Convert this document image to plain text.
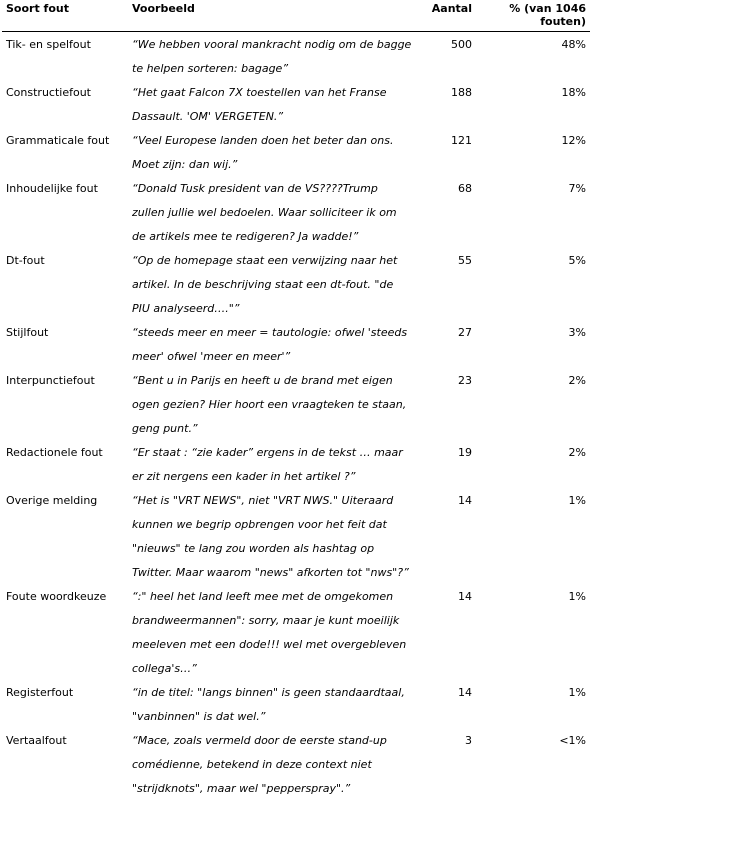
Soort fout	Voorbeeld	Aantal	% (van 1046 fouten)
Tik- en spelfout	“We hebben vooral mankracht nodig om de bagge te helpen sorteren: bagage”	500	48%
Constructiefout	“Het gaat Falcon 7X toestellen van het Franse Dassault. 'OM' VERGETEN.”	188	18%
Grammaticale fout	“Veel Europese landen doen het beter dan ons. Moet zijn: dan wij.”	121	12%
Inhoudelijke fout	“Donald Tusk president van de VS????Trump zullen jullie wel bedoelen. Waar solliciteer ik om de artikels mee te redigeren? Ja wadde!”	68	7%
Dt-fout	“Op de homepage staat een verwijzing naar het artikel. In de beschrijving staat een dt-fout. "de PIU analyseerd…."”	55	5%
Stijlfout	“steeds meer en meer = tautologie: ofwel 'steeds meer' ofwel 'meer en meer'”	27	3%
Interpunctiefout	“Bent u in Parijs en heeft u de brand met eigen ogen gezien? Hier hoort een vraagteken te staan, geng punt.”	23	2%
Redactionele fout	“Er staat : “zie kader” ergens in de tekst … maar er zit nergens een kader in het artikel ?”	19	2%
Overige melding	“Het is "VRT NEWS", niet "VRT NWS." Uiteraard kunnen we begrip opbrengen voor het feit dat "nieuws" te lang zou worden als hashtag op Twitter. Maar waarom "news" afkorten tot "nws"?”	14	1%
Foute woordkeuze	“:" heel het land leeft mee met de omgekomen brandweermannen": sorry, maar je kunt moeilijk meeleven met een dode!!! wel met overgebleven collega's…”	14	1%
Registerfout	“in de titel: "langs binnen" is geen standaardtaal, "vanbinnen" is dat wel.”	14	1%
Vertaalfout	“Mace, zoals vermeld door de eerste stand-up comédienne, betekend in deze context niet "strijdknots", maar wel "pepperspray".”	3	<1%
